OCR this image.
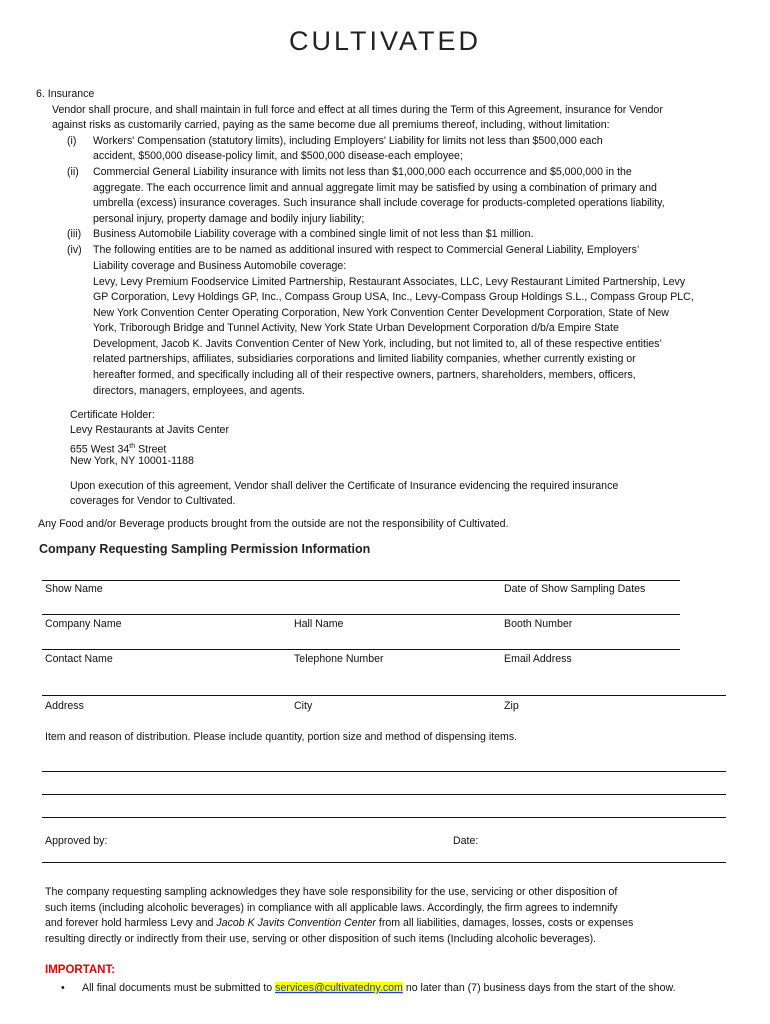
CULTIVATED
6. Insurance
Vendor shall procure, and shall maintain in full force and effect at all times during the Term of this Agreement, insurance for Vendor
against risks as customarily carried, paying as the same become due all premiums thereof, including, without limitation:
(i) Workers' Compensation (statutory limits), including Employers' Liability for limits not less than $500,000 each
accident, $500,000 disease-policy limit, and $500,000 disease-each employee;
(ii) Commercial General Liability insurance with limits not less than $1,000,000 each occurrence and $5,000,000 in the
aggregate. The each occurrence limit and annual aggregate limit may be satisfied by using a combination of primary and
umbrella (excess) insurance coverages. Such insurance shall include coverage for products-completed operations liability,
personal injury, property damage and bodily injury liability;
(iii) Business Automobile Liability coverage with a combined single limit of not less than $1 million.
(iv) The following entities are to be named as additional insured with respect to Commercial General Liability, Employers’
Liability coverage and Business Automobile coverage:
Levy, Levy Premium Foodservice Limited Partnership, Restaurant Associates, LLC, Levy Restaurant Limited Partnership, Levy
GP Corporation, Levy Holdings GP, Inc., Compass Group USA, Inc., Levy-Compass Group Holdings S.L., Compass Group PLC,
New York Convention Center Operating Corporation, New York Convention Center Development Corporation, State of New
York, Triborough Bridge and Tunnel Activity, New York State Urban Development Corporation d/b/a Empire State
Development, Jacob K. Javits Convention Center of New York, including, but not limited to, all of these respective entities’
related partnerships, affiliates, subsidiaries corporations and limited liability companies, whether currently existing or
hereafter formed, and specifically including all of their respective owners, partners, shareholders, members, officers,
directors, managers, employees, and agents.
Certificate Holder:
Levy Restaurants at Javits Center
655 West 34th Street
New York, NY 10001-1188
Upon execution of this agreement, Vendor shall deliver the Certificate of Insurance evidencing the required insurance
coverages for Vendor to Cultivated.
Any Food and/or Beverage products brought from the outside are not the responsibility of Cultivated.
Company Requesting Sampling Permission Information
Show Name	Date of Show Sampling Dates
Company Name	Hall Name	Booth Number
Contact Name	Telephone Number	Email Address
Address	City	Zip
Item and reason of distribution. Please include quantity, portion size and method of dispensing items.
Approved by:	Date:
The company requesting sampling acknowledges they have sole responsibility for the use, servicing or other disposition of
such items (including alcoholic beverages) in compliance with all applicable laws. Accordingly, the firm agrees to indemnify
and forever hold harmless Levy and Jacob K Javits Convention Center from all liabilities, damages, losses, costs or expenses
resulting directly or indirectly from their use, serving or other disposition of such items (Including alcoholic beverages).
IMPORTANT:
• All final documents must be submitted to services@cultivatedny.com no later than (7) business days from the start of the show.
